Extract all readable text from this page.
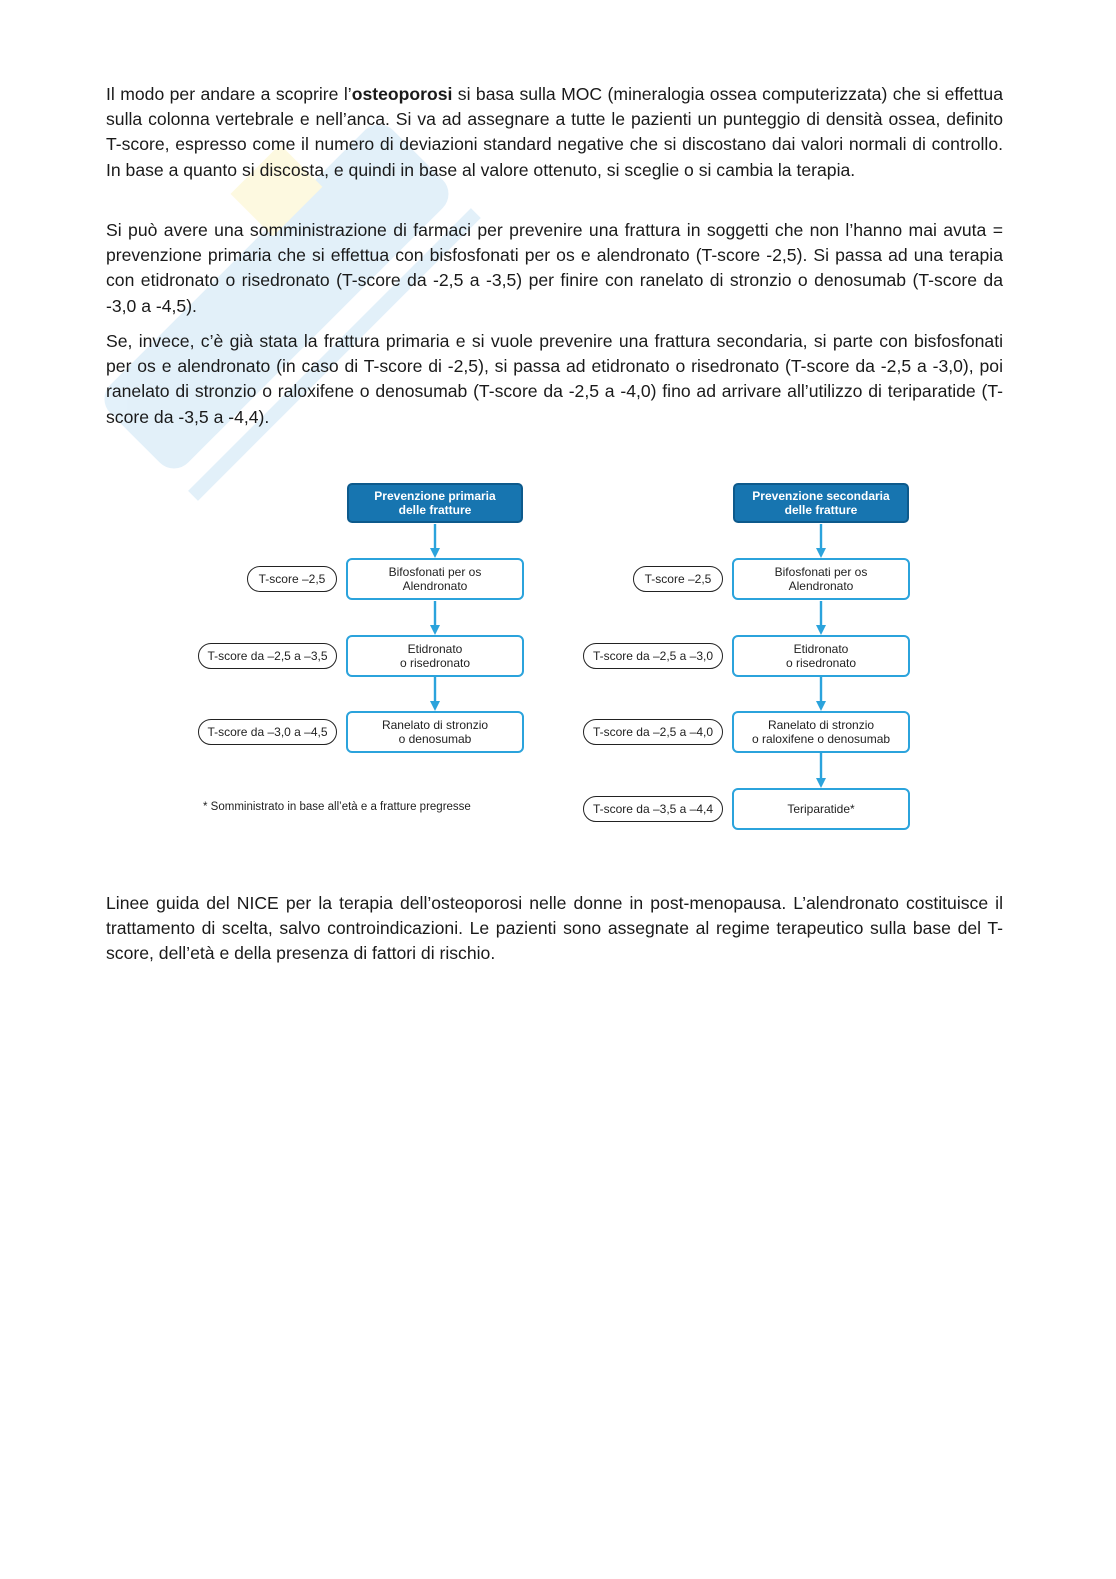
Il modo per andare a scoprire l’osteoporosi si basa sulla MOC (mineralogia ossea computerizzata) che si effettua sulla colonna vertebrale e nell’anca. Si va ad assegnare a tutte le pazienti un punteggio di densità ossea, definito T-score, espresso come il numero di deviazioni standard negative che si discostano dai valori normali di controllo. In base a quanto si discosta, e quindi in base al valore ottenuto, si sceglie o si cambia la terapia.

Si può avere una somministrazione di farmaci per prevenire una frattura in soggetti che non l’hanno mai avuta = prevenzione primaria che si effettua con bisfosfonati per os e alendronato (T-score -2,5). Si passa ad una terapia con etidronato o risedronato (T-score da -2,5 a -3,5) per finire con ranelato di stronzio o denosumab (T-score da -3,0 a -4,5).

Se, invece, c’è già stata la frattura primaria e si vuole prevenire una frattura secondaria, si parte con bisfosfonati per os e alendronato (in caso di T-score di -2,5), si passa ad etidronato o risedronato (T-score da -2,5 a -3,0), poi ranelato di stronzio o raloxifene o denosumab (T-score da -2,5 a -4,0) fino ad arrivare all’utilizzo di teriparatide (T-score da -3,5 a -4,4).

Prevenzione primaria
delle fratture
Bifosfonati per os
Alendronato
T-score –2,5
Etidronato
o risedronato
T-score da –2,5 a –3,5
Ranelato di stronzio
o denosumab
T-score da –3,0 a –4,5
* Somministrato in base all’età e a fratture pregresse
Prevenzione secondaria
delle fratture
Bifosfonati per os
Alendronato
T-score –2,5
Etidronato
o risedronato
T-score da –2,5 a –3,0
Ranelato di stronzio
o raloxifene o denosumab
T-score da –2,5 a –4,0
Teriparatide*
T-score da –3,5 a –4,4

Linee guida del NICE per la terapia dell’osteoporosi nelle donne in post-menopausa. L’alendronato costituisce il trattamento di scelta, salvo controindicazioni. Le pazienti sono assegnate al regime terapeutico sulla base del T-score, dell’età e della presenza di fattori di rischio.
